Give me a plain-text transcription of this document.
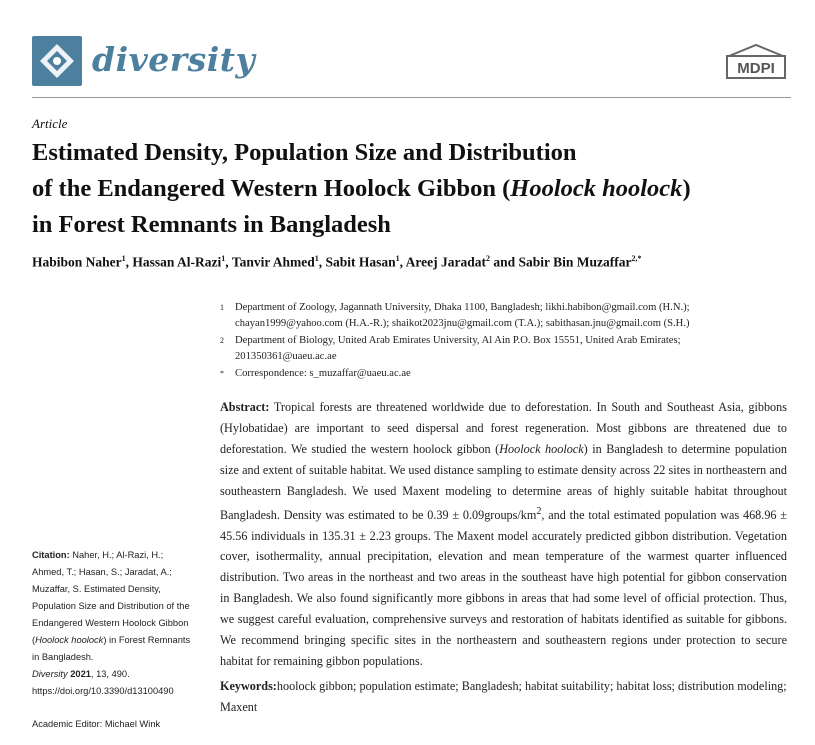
diversity	MDPI
Article
Estimated Density, Population Size and Distribution
of the Endangered Western Hoolock Gibbon (Hoolock hoolock)
in Forest Remnants in Bangladesh
Habibon Naher$^1$, Hassan Al-Razi$^1$, Tanvir Ahmed$^1$, Sabit Hasan$^1$, Areej Jaradat$^2$ and Sabir Bin Muzaffar$^{2,*}$
1	Department of Zoology, Jagannath University, Dhaka 1100, Bangladesh; likhi.habibon@gmail.com (H.N.);
chayan1999@yahoo.com (H.A.-R.); shaikot2023jnu@gmail.com (T.A.); sabithasan.jnu@gmail.com (S.H.)
2	Department of Biology, United Arab Emirates University, Al Ain P.O. Box 15551, United Arab Emirates;
201350361@uaeu.ac.ae
*	Correspondence: s_muzaffar@uaeu.ac.ae
Abstract: Tropical forests are threatened worldwide due to deforestation. In South and Southeast Asia, gibbons (Hylobatidae) are important to seed dispersal and forest regeneration. Most gibbons are threatened due to deforestation. We studied the western hoolock gibbon (Hoolock hoolock) in Bangladesh to determine population size and extent of suitable habitat. We used distance sampling to estimate density across 22 sites in northeastern and southeastern Bangladesh. We used Maxent modeling to determine areas of highly suitable habitat throughout Bangladesh. Density was estimated to be $0.39 \pm 0.09groups/km^2$, and the total estimated population was 468.96 ± 45.56 individuals in 135.31 ± 2.23 groups. The Maxent model accurately predicted gibbon distribution. Vegetation cover, isothermality, annual precipitation, elevation and mean temperature of the warmest quarter influenced distribution. Two areas in the northeast and two areas in the southeast have high potential for gibbon conservation in Bangladesh. We also found significantly more gibbons in areas that had some level of official protection. Thus, we suggest careful evaluation, comprehensive surveys and restoration of habitats identified as suitable for gibbons. We recommend bringing specific sites in the northeastern and southeastern regions under protection to secure habitat for remaining gibbon populations.
Keywords:hoolock gibbon; population estimate; Bangladesh; habitat suitability; habitat loss; distribution modeling; Maxent
Citation: Naher, H.; Al-Razi, H.; Ahmed, T.; Hasan, S.; Jaradat, A.; Muzaffar, S. Estimated Density, Population Size and Distribution of the Endangered Western Hoolock Gibbon (Hoolock hoolock) in Forest Remnants in Bangladesh.
Diversity 2021, 13, 490.
https://doi.org/10.3390/d13100490
Academic Editor: Michael Wink
